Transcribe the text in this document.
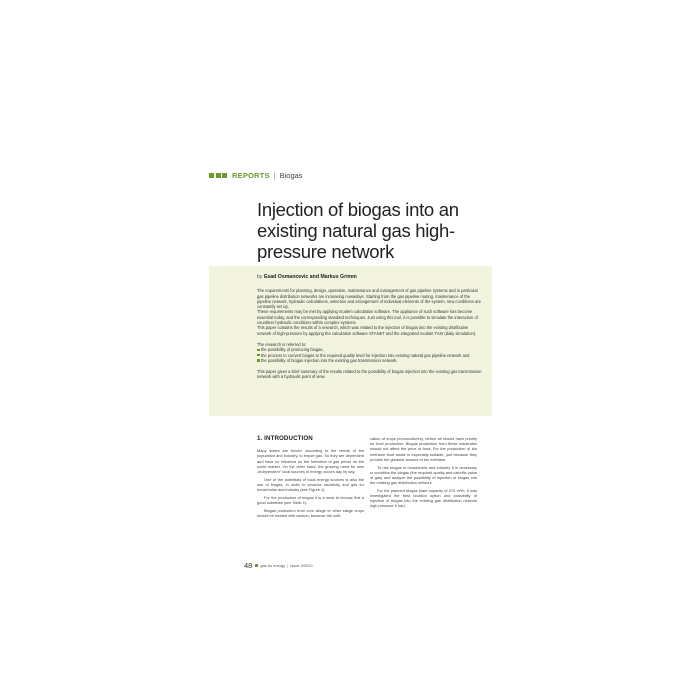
REPORTS | Biogas
Injection of biogas into an existing natural gas high-pressure network
by Esad Osmancevic and Markus Grimm

The requirements for planning, design, operation, maintenance and management of gas pipeline systems and in particular gas pipeline distribution networks are increasing nowadays. Starting from the gas pipeline routing, maintenance of the pipeline network, hydraulic calculations, selection and arrangement of individual elements of the system, new conditions are constantly set up.

These requirements may be met by applying modern calculation software. The appliance of such software has become essential today, and the corresponding standard techniques. Just using this tool, it is possible to simulate the interaction of countless hydraulic conditions within complex systems.

This paper contains the results of a research, which was related to the injection of biogas into the existing distributive network of high-pressure by applying the calculation software STANET and the integrated module TASI (daily simulation).

The research is referred to:

the possibility of producing biogas,
the process to convert biogas to the required quality level for injection into existing natural gas pipeline network and
the possibility of biogas injection into the existing gas transmission network.

This paper gives a brief summary of the results related to the possibility of biogas injection into the existing gas transmission network with a hydraulic point of view.

1. INTRODUCTION

Many states are forced, according to the needs of the population and industry, to import gas. So they are dependent and have no influence on the formation of gas prices on the world market. On the other hand, the growing need for new „independent“ local sources of energy occurs day by day.

One of the potentials of local energy sources is also the use of biogas, in order to produce electricity and gas for households and industry (see Figure 1).

For the production of biogas it is a must to choose first a good substrate (see Table 1).

Biogas production from corn silage or other silage crops should be treated with caution, because the culti-

vation of crops (monocultures), before all should have priority for food production. Biogas production from these substrates should not affect the price of food. For the production of bio methane food waste is especially suitable, just because they provide the greatest amount of bio methane.

To use biogas in households and industry it is necessary to condition the biogas (the required quality and calorific value of gas) and analyze the possibility of injection of biogas into the existing gas distribution network.

For the planned biogas plant capacity of 370 m³/h, it was investigated the best location option and possibility of injection of biogas into the existing gas distribution network high pressure 6 bar).

48 gas for energy | Issue 3/2010
